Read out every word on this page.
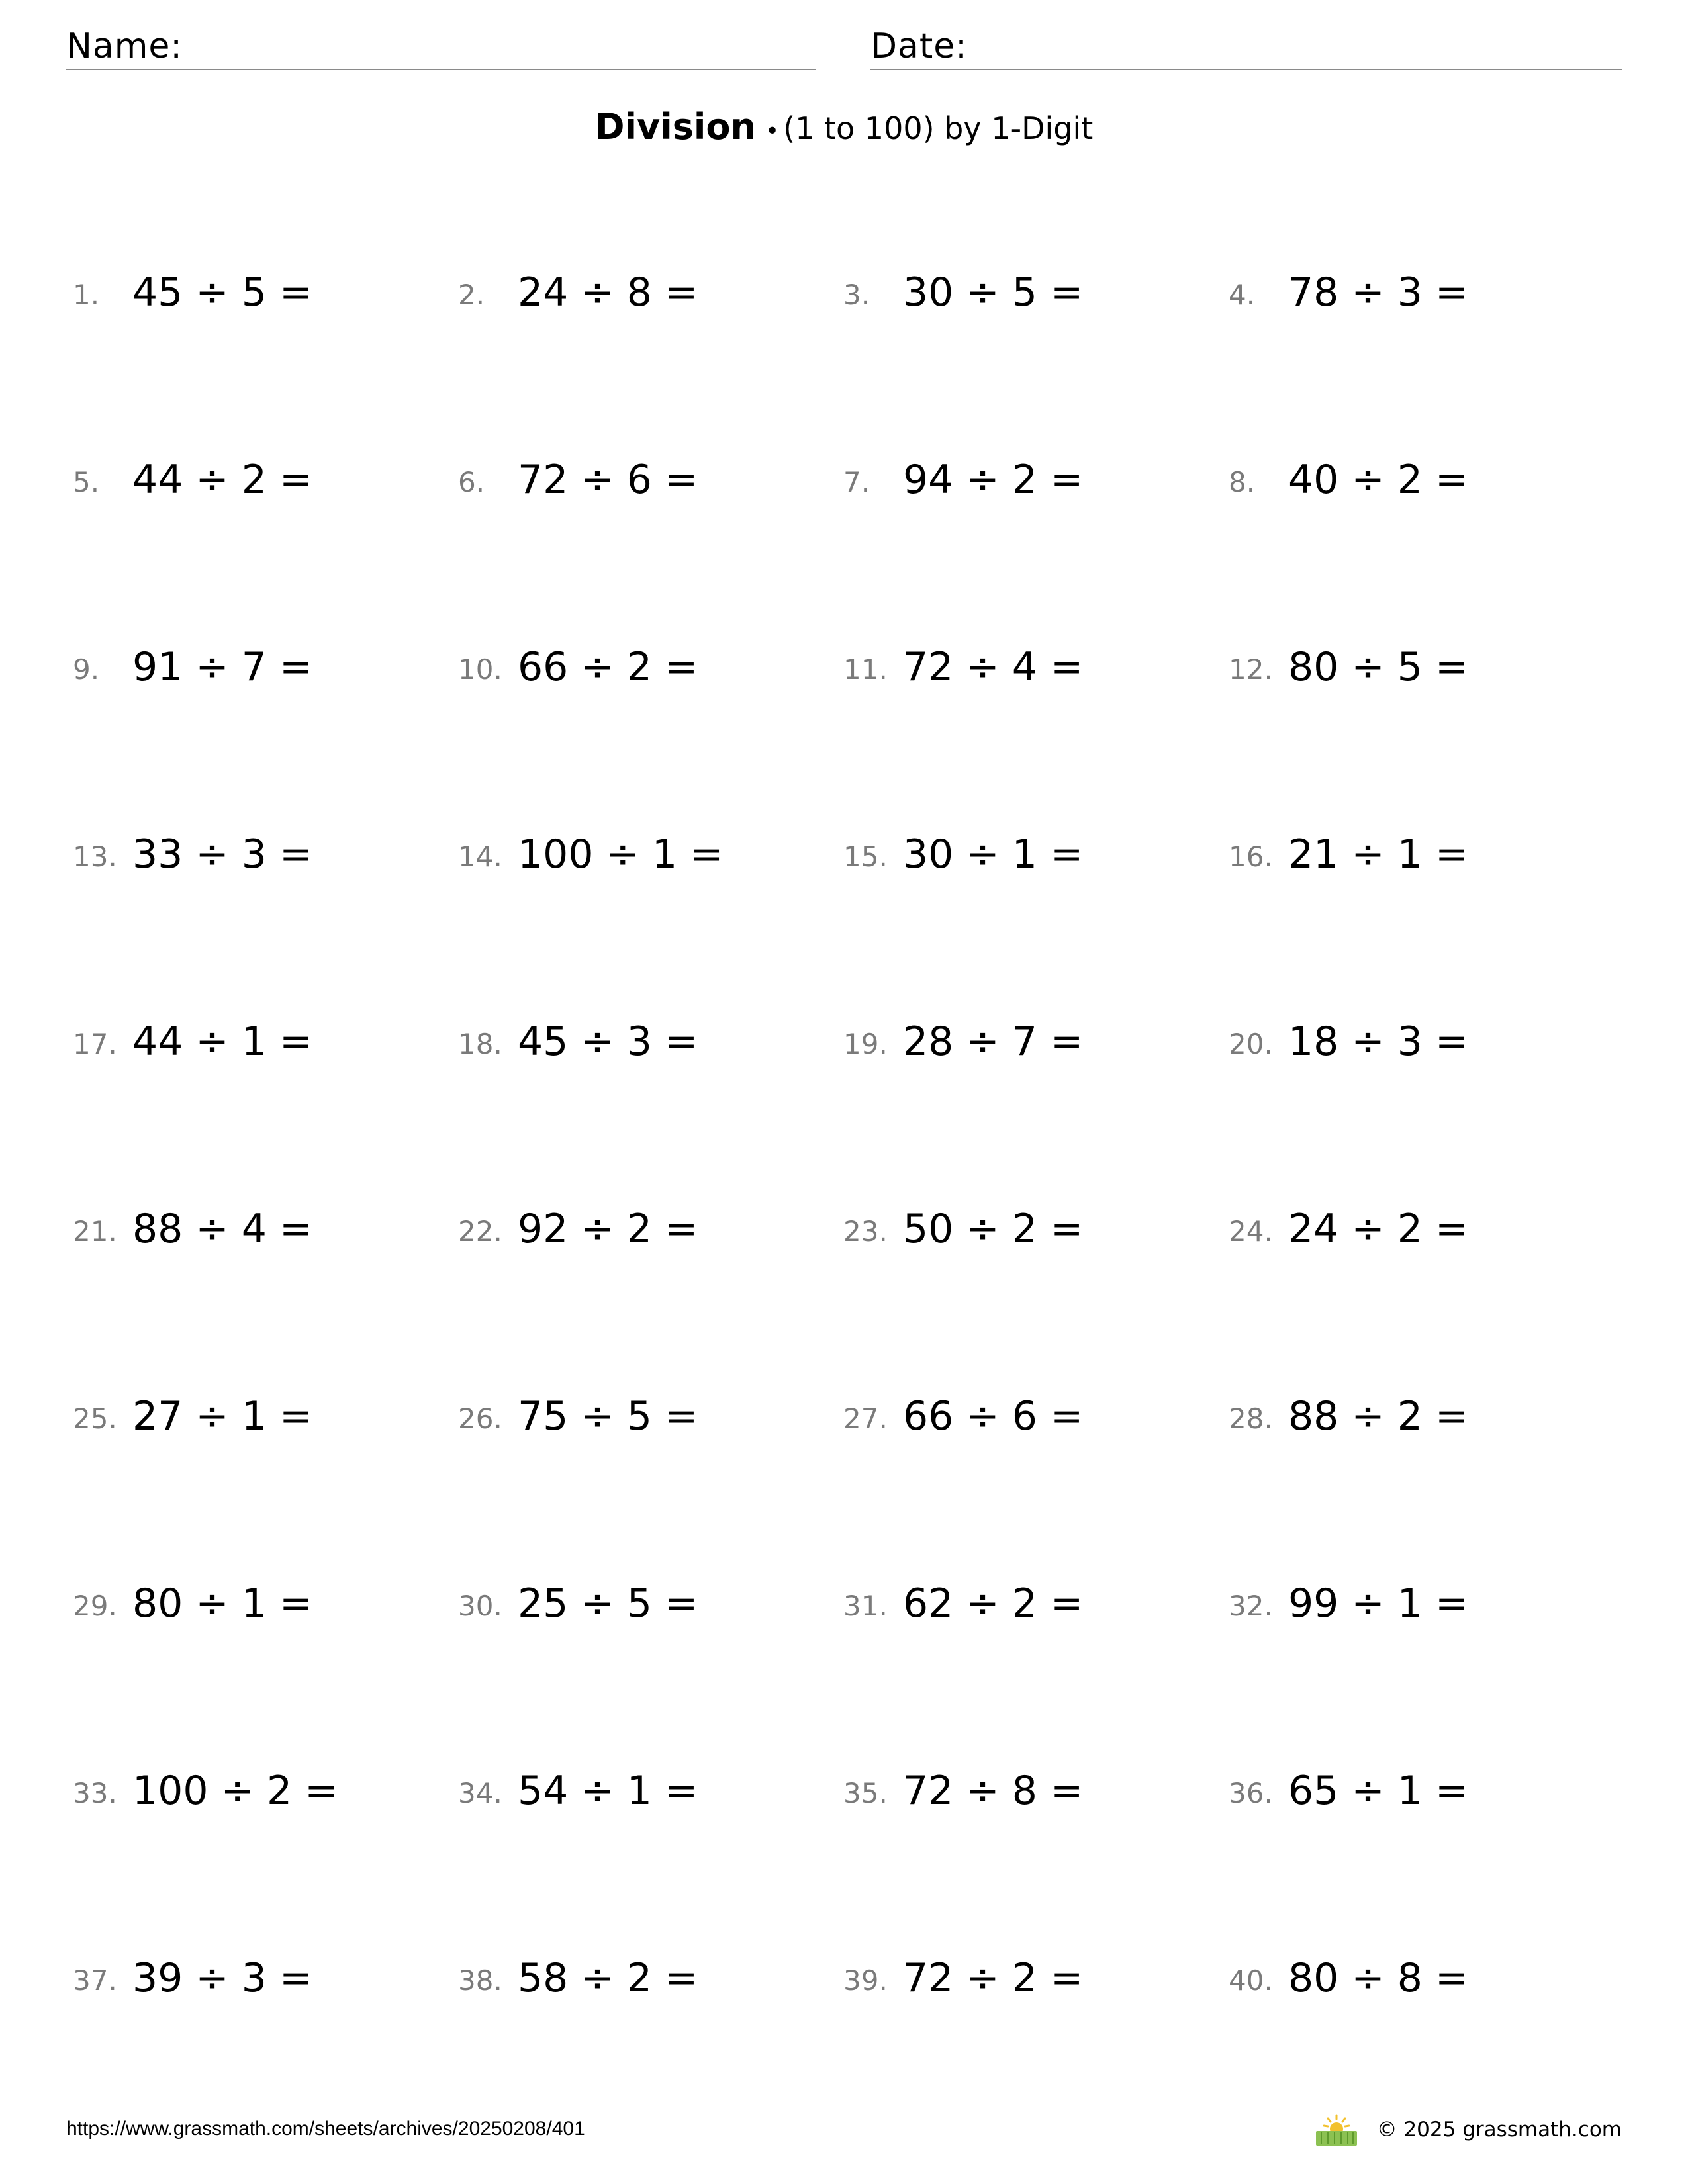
Name:	Date:
Division • (1 to 100) by 1-Digit
1. 45 ÷ 5 =	2. 24 ÷ 8 =	3. 30 ÷ 5 =	4. 78 ÷ 3 =
5. 44 ÷ 2 =	6. 72 ÷ 6 =	7. 94 ÷ 2 =	8. 40 ÷ 2 =
9. 91 ÷ 7 =	10. 66 ÷ 2 =	11. 72 ÷ 4 =	12. 80 ÷ 5 =
13. 33 ÷ 3 =	14. 100 ÷ 1 =	15. 30 ÷ 1 =	16. 21 ÷ 1 =
17. 44 ÷ 1 =	18. 45 ÷ 3 =	19. 28 ÷ 7 =	20. 18 ÷ 3 =
21. 88 ÷ 4 =	22. 92 ÷ 2 =	23. 50 ÷ 2 =	24. 24 ÷ 2 =
25. 27 ÷ 1 =	26. 75 ÷ 5 =	27. 66 ÷ 6 =	28. 88 ÷ 2 =
29. 80 ÷ 1 =	30. 25 ÷ 5 =	31. 62 ÷ 2 =	32. 99 ÷ 1 =
33. 100 ÷ 2 =	34. 54 ÷ 1 =	35. 72 ÷ 8 =	36. 65 ÷ 1 =
37. 39 ÷ 3 =	38. 58 ÷ 2 =	39. 72 ÷ 2 =	40. 80 ÷ 8 =
https://www.grassmath.com/sheets/archives/20250208/401	© 2025 grassmath.com
